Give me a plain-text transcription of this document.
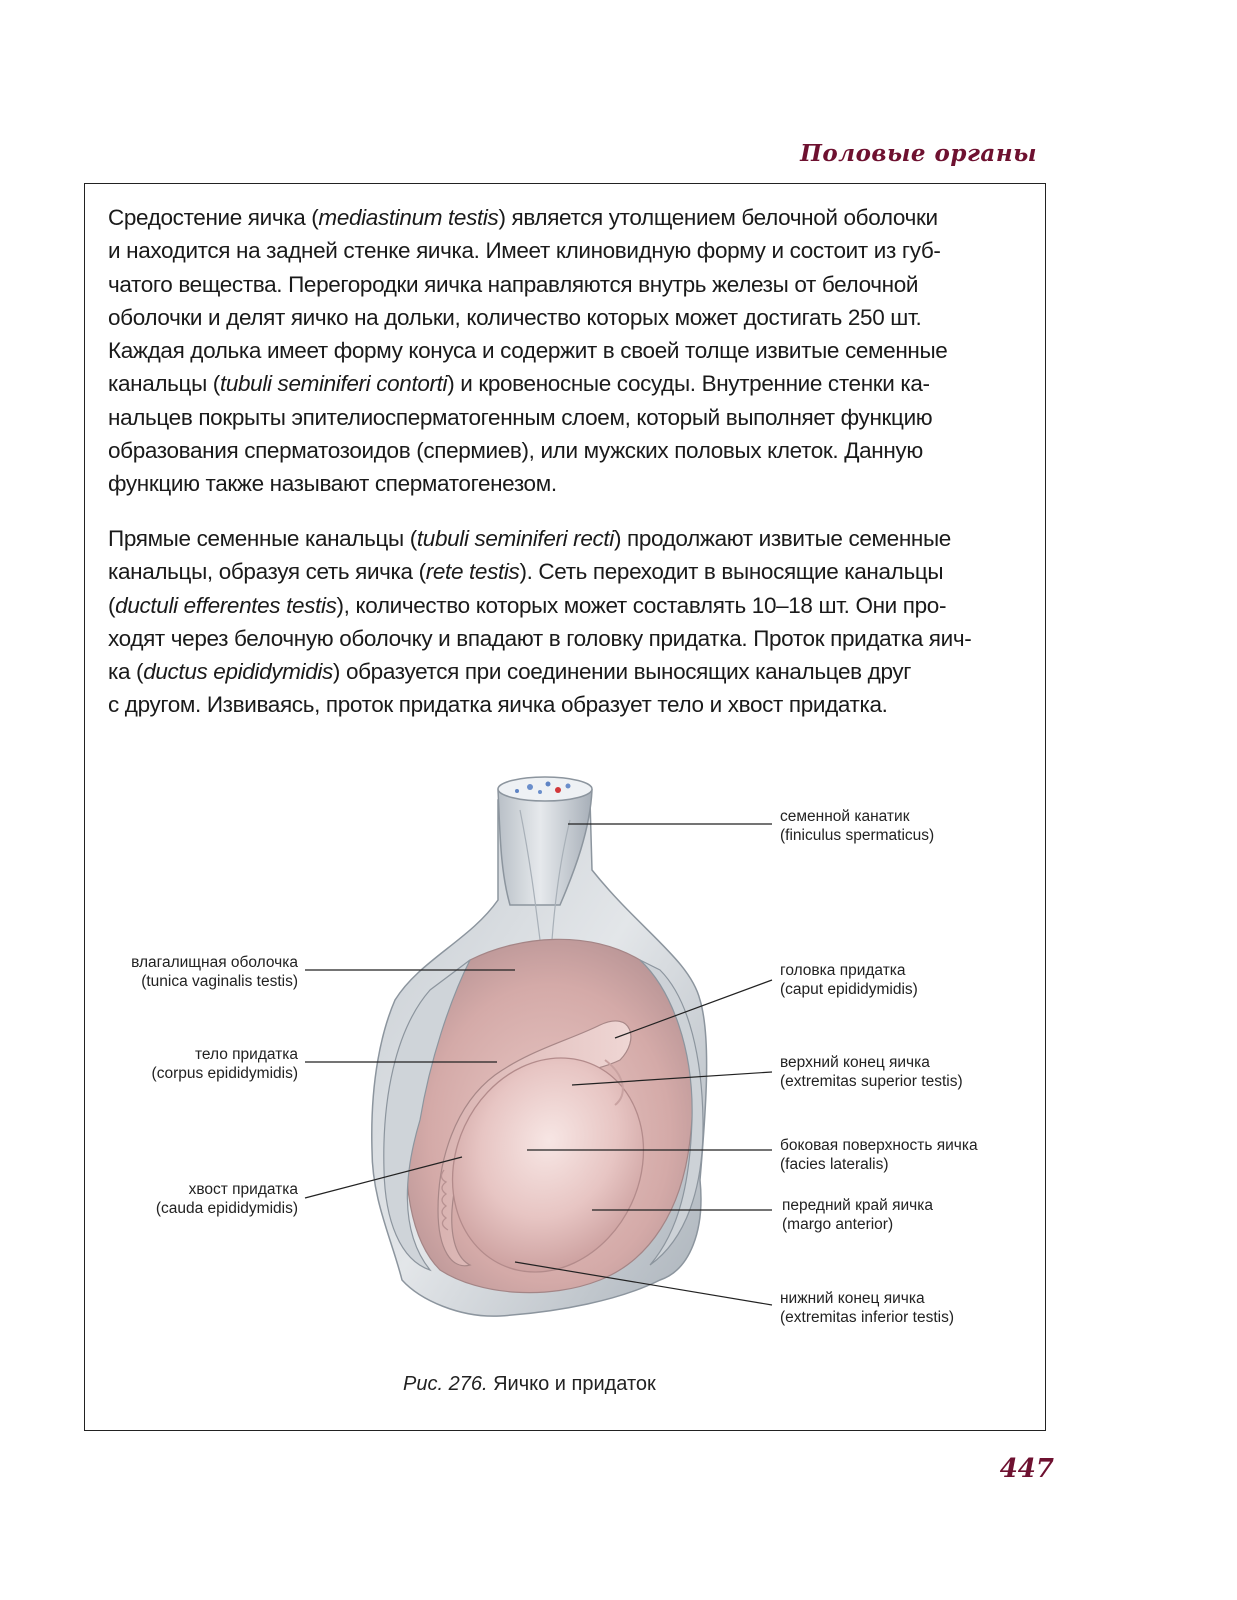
Половые органы
Средостение яичка (mediastinum testis) является утолщением белочной оболочки
и находится на задней стенке яичка. Имеет клиновидную форму и состоит из губ-
чатого вещества. Перегородки яичка направляются внутрь железы от белочной
оболочки и делят яичко на дольки, количество которых может достигать 250 шт.
Каждая долька имеет форму конуса и содержит в своей толще извитые семенные
канальцы (tubuli seminiferi contorti) и кровеносные сосуды. Внутренние стенки ка-
нальцев покрыты эпителиосперматогенным слоем, который выполняет функцию
образования сперматозоидов (спермиев), или мужских половых клеток. Данную
функцию также называют сперматогенезом.
Прямые семенные канальцы (tubuli seminiferi recti) продолжают извитые семенные
канальцы, образуя сеть яичка (rete testis). Сеть переходит в выносящие канальцы
(ductuli efferentes testis), количество которых может составлять 10–18 шт. Они про-
ходят через белочную оболочку и впадают в головку придатка. Проток придатка яич-
ка (ductus epididymidis) образуется при соединении выносящих канальцев друг
с другом. Извиваясь, проток придатка яичка образует тело и хвост придатка.
семенной канатик
(finiculus spermaticus)
влагалищная оболочка
(tunica vaginalis testis)
головка придатка
(caput epididymidis)
тело придатка
(corpus epididymidis)
верхний конец яичка
(extremitas superior testis)
боковая поверхность яичка
(facies lateralis)
хвост придатка
(cauda epididymidis)	передний край яичка
(margo anterior)
нижний конец яичка
(extremitas inferior testis)
Рис. 276. Яичко и придаток
447
